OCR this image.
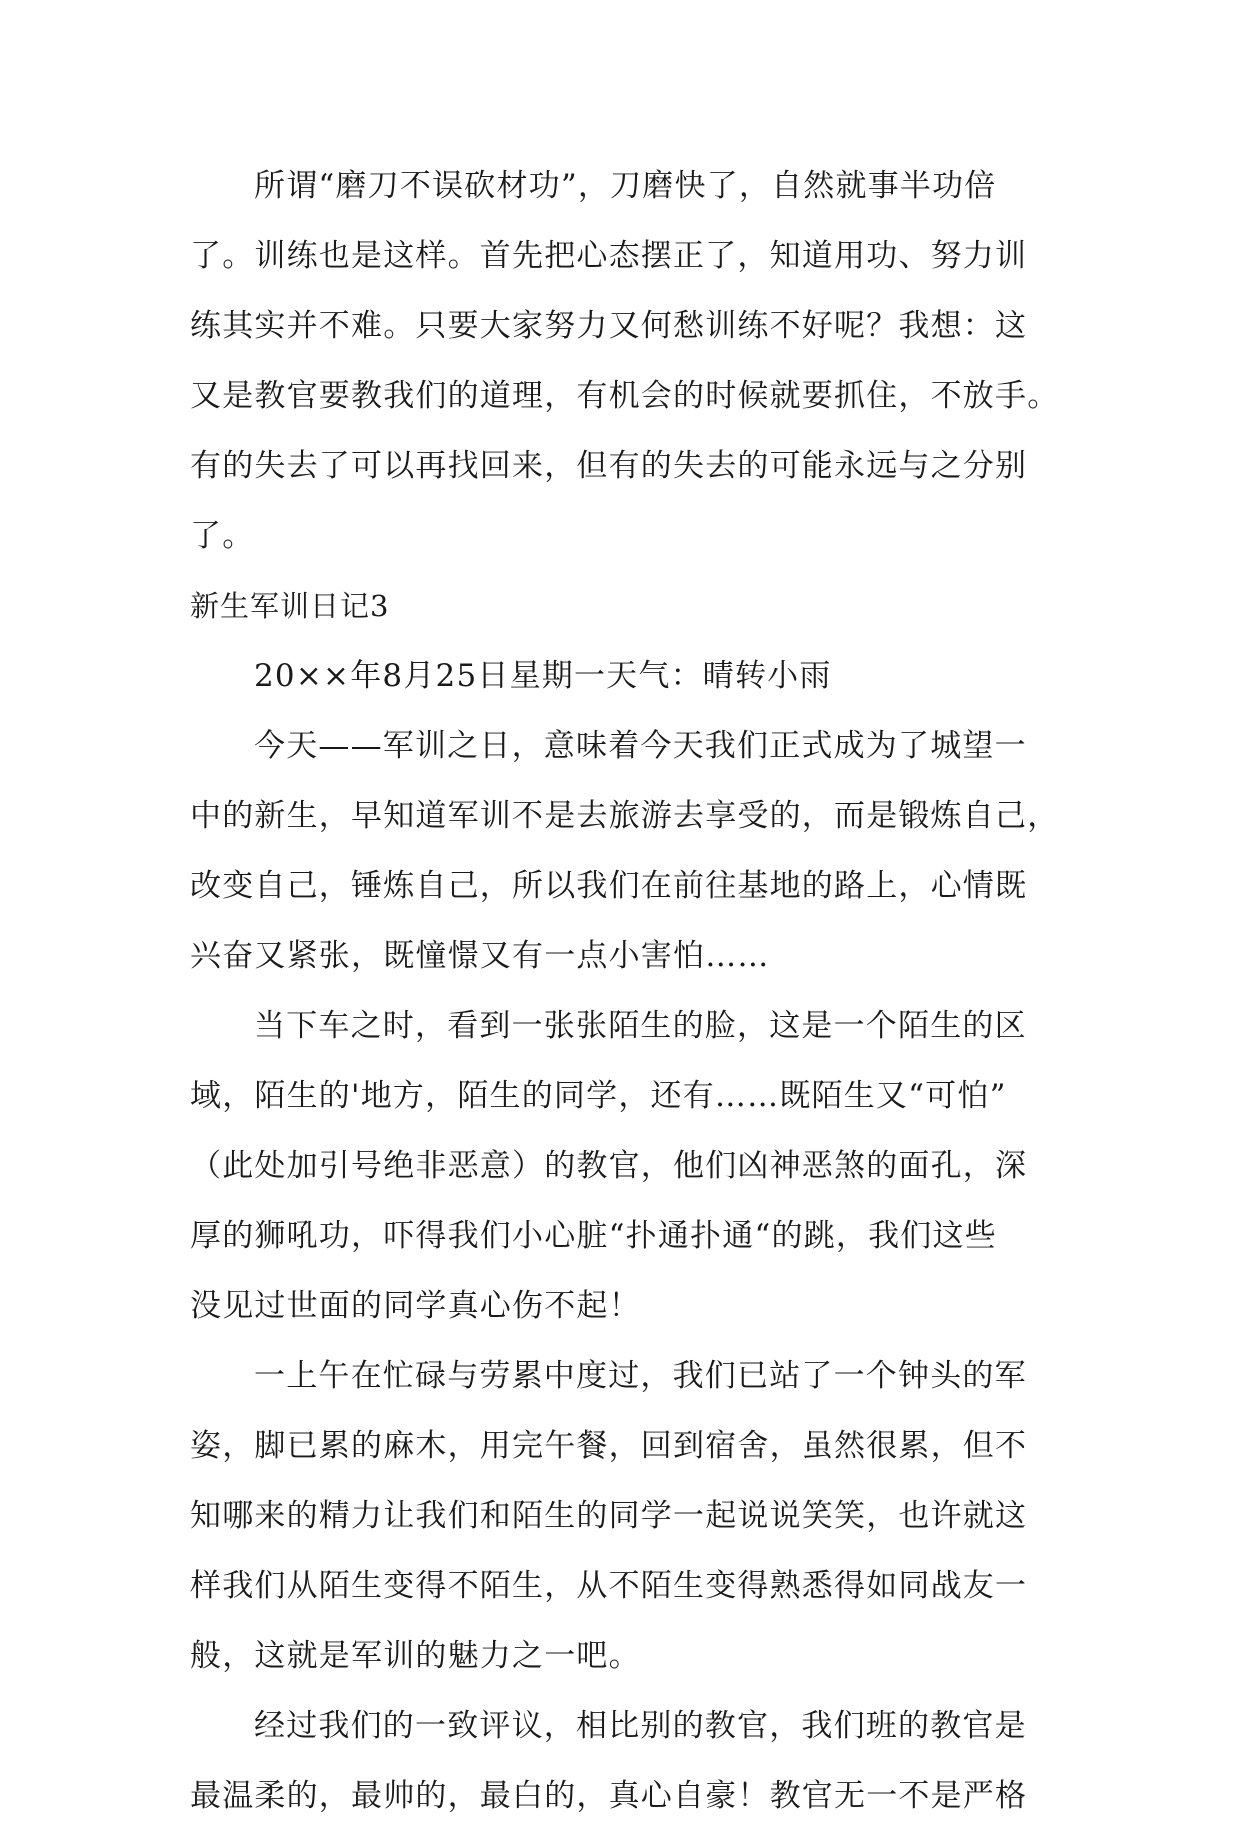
所谓“磨刀不误砍材功”，刀磨快了，自然就事半功倍
了。训练也是这样。首先把心态摆正了，知道用功、努力训
练其实并不难。只要大家努力又何愁训练不好呢？我想：这
又是教官要教我们的道理，有机会的时候就要抓住，不放手。
有的失去了可以再找回来，但有的失去的可能永远与之分别
了。
新生军训日记3
20××年8月25日星期一天气：晴转小雨
今天——军训之日，意味着今天我们正式成为了城望一
中的新生，早知道军训不是去旅游去享受的，而是锻炼自己，
改变自己，锤炼自己，所以我们在前往基地的路上，心情既
兴奋又紧张，既憧憬又有一点小害怕……
当下车之时，看到一张张陌生的脸，这是一个陌生的区
域，陌生的'地方，陌生的同学，还有……既陌生又“可怕”
（此处加引号绝非恶意）的教官，他们凶神恶煞的面孔，深
厚的狮吼功，吓得我们小心脏“扑通扑通“的跳，我们这些
没见过世面的同学真心伤不起！
一上午在忙碌与劳累中度过，我们已站了一个钟头的军
姿，脚已累的麻木，用完午餐，回到宿舍，虽然很累，但不
知哪来的精力让我们和陌生的同学一起说说笑笑，也许就这
样我们从陌生变得不陌生，从不陌生变得熟悉得如同战友一
般，这就是军训的魅力之一吧。
经过我们的一致评议，相比别的教官，我们班的教官是
最温柔的，最帅的，最白的，真心自豪！教官无一不是严格
